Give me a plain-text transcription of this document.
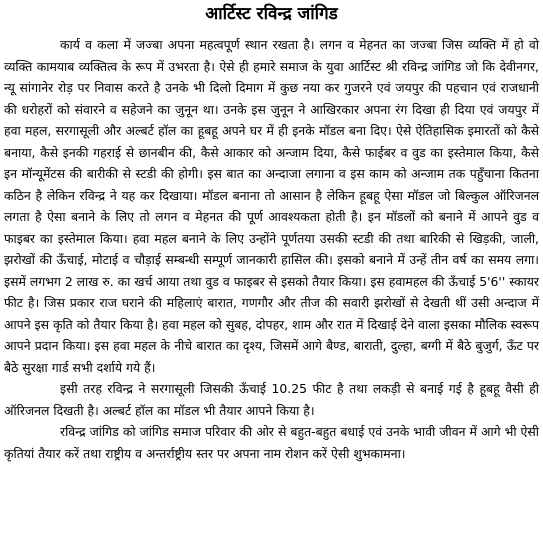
आर्टिस्ट रविन्द्र जांगिड

कार्य व कला में जज्बा अपना महत्वपूर्ण स्थान रखता है। लगन व मेहनत का जज्बा जिस व्यक्ति में हो वो व्यक्ति कामयाब व्यक्तित्व के रूप में उभरता है। ऐसे ही हमारे समाज के युवा आर्टिस्ट श्री रविन्द्र जांगिड जो कि देवीनगर, न्यू सांगानेर रोड़ पर निवास करते है उनके भी दिलो दिमाग में कुछ नया कर गुजरने एवं जयपुर की पहचान एवं राजधानी की धरोहरों को संवारने व सहेजने का जुनून था। उनके इस जुनून ने आखिरकार अपना रंग दिखा ही दिया एवं जयपुर में हवा महल, सरगासूली और अल्बर्ट हॉल का हूबहू अपने घर में ही इनके मॉडल बना दिए। ऐसे ऐतिहासिक इमारतों को कैसे बनाया, कैसे इनकी गहराई से छानबीन की, कैसे आकार को अन्जाम दिया, कैसे फाईबर व वुड का इस्तेमाल किया, कैसे इन मॉन्यूमेंटस की बारीकी से स्टडी की होगी। इस बात का अन्दाजा लगाना व इस काम को अन्जाम तक पहुँचाना कितना कठिन है लेकिन रविन्द्र ने यह कर दिखाया। मॉडल बनाना तो आसान है लेकिन हूबहू ऐसा मॉडल जो बिल्कुल ऑरिजनल लगता है ऐसा बनाने के लिए तो लगन व मेहनत की पूर्ण आवश्यकता होती है। इन मॉडलों को बनाने में आपने वुड व फाइबर का इस्तेमाल किया। हवा महल बनाने के लिए उन्होंने पूर्णतया उसकी स्टडी की तथा बारिकी से खिड़की, जाली, झरोखों की ऊँचाई, मोटाई व चौड़ाई सम्बन्धी सम्पूर्ण जानकारी हासिल की। इसको बनाने में उन्हें तीन वर्ष का समय लगा। इसमें लगभग 2 लाख रु. का खर्च आया तथा वुड व फाइबर से इसको तैयार किया। इस हवामहल की ऊँचाई 5'6'' स्कायर फीट है। जिस प्रकार राज घराने की महिलाएं बारात, गणगौर और तीज की सवारी झरोखों से देखती थीं उसी अन्दाज में आपने इस कृति को तैयार किया है। हवा महल को सुबह, दोपहर, शाम और रात में दिखाई देने वाला इसका मौलिक स्वरूप आपने प्रदान किया। इस हवा महल के नीचे बारात का दृश्य, जिसमें आगे बैण्ड, बाराती, दुल्हा, बग्गी में बैठे बुजुर्ग, ऊँट पर बैठे सुरक्षा गार्ड सभी दर्शाये गये हैं।

इसी तरह रविन्द्र ने सरगासूली जिसकी ऊँचाई 10.25 फीट है तथा लकड़ी से बनाई गई है हूबहू वैसी ही ऑरिजनल दिखती है। अल्बर्ट हॉल का मॉडल भी तैयार आपने किया है।

रविन्द्र जांगिड को जांगिड समाज परिवार की ओर से बहुत-बहुत बधाई एवं उनके भावी जीवन में आगे भी ऐसी कृतियां तैयार करें तथा राष्ट्रीय व अन्तर्राष्ट्रीय स्तर पर अपना नाम रोशन करें ऐसी शुभकामना।
